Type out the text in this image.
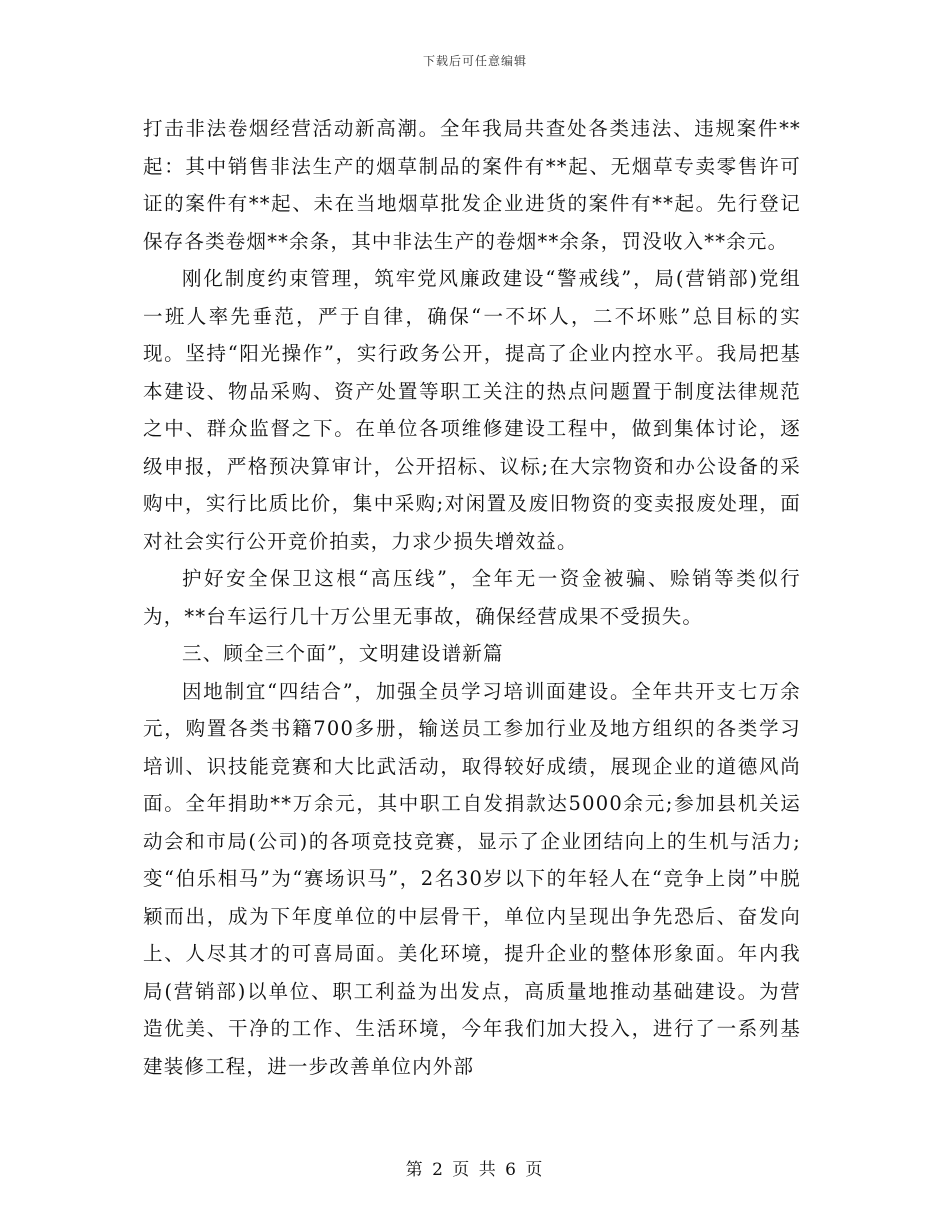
下载后可任意编辑

打击非法卷烟经营活动新高潮。全年我局共查处各类违法、违规案件**起：其中销售非法生产的烟草制品的案件有**起、无烟草专卖零售许可证的案件有**起、未在当地烟草批发企业进货的案件有**起。先行登记保存各类卷烟**余条，其中非法生产的卷烟**余条，罚没收入**余元。

刚化制度约束管理，筑牢党风廉政建设“警戒线”，局(营销部)党组一班人率先垂范，严于自律，确保“一不坏人，二不坏账”总目标的实现。坚持“阳光操作”，实行政务公开，提高了企业内控水平。我局把基本建设、物品采购、资产处置等职工关注的热点问题置于制度法律规范之中、群众监督之下。在单位各项维修建设工程中，做到集体讨论，逐级申报，严格预决算审计，公开招标、议标;在大宗物资和办公设备的采购中，实行比质比价，集中采购;对闲置及废旧物资的变卖报废处理，面对社会实行公开竞价拍卖，力求少损失增效益。

护好安全保卫这根“高压线”，全年无一资金被骗、赊销等类似行为，**台车运行几十万公里无事故，确保经营成果不受损失。

三、顾全三个面”，文明建设谱新篇

因地制宜“四结合”，加强全员学习培训面建设。全年共开支七万余元，购置各类书籍700多册，输送员工参加行业及地方组织的各类学习培训、识技能竞赛和大比武活动，取得较好成绩，展现企业的道德风尚面。全年捐助**万余元，其中职工自发捐款达5000余元;参加县机关运动会和市局(公司)的各项竞技竞赛，显示了企业团结向上的生机与活力;变“伯乐相马”为“赛场识马”，2名30岁以下的年轻人在“竞争上岗”中脱颖而出，成为下年度单位的中层骨干，单位内呈现出争先恐后、奋发向上、人尽其才的可喜局面。美化环境，提升企业的整体形象面。年内我局(营销部)以单位、职工利益为出发点，高质量地推动基础建设。为营造优美、干净的工作、生活环境，今年我们加大投入，进行了一系列基建装修工程，进一步改善单位内外部

第 2 页 共 6 页
